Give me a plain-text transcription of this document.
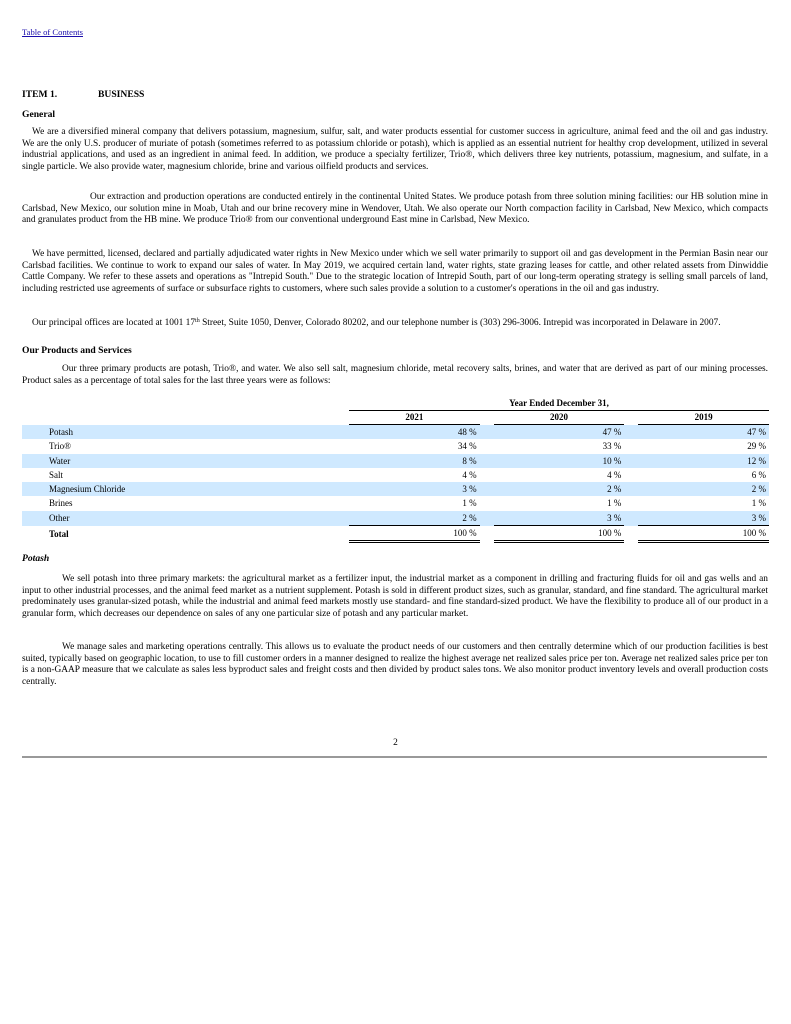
Table of Contents
ITEM 1.	BUSINESS
General

We are a diversified mineral company that delivers potassium, magnesium, sulfur, salt, and water products essential for customer success in agriculture, animal feed and the oil and gas industry. We are the only U.S. producer of muriate of potash (sometimes referred to as potassium chloride or potash), which is applied as an essential nutrient for healthy crop development, utilized in several industrial applications, and used as an ingredient in animal feed. In addition, we produce a specialty fertilizer, Trio®, which delivers three key nutrients, potassium, magnesium, and sulfate, in a single particle. We also provide water, magnesium chloride, brine and various oilfield products and services.

Our extraction and production operations are conducted entirely in the continental United States. We produce potash from three solution mining facilities: our HB solution mine in Carlsbad, New Mexico, our solution mine in Moab, Utah and our brine recovery mine in Wendover, Utah. We also operate our North compaction facility in Carlsbad, New Mexico, which compacts and granulates product from the HB mine. We produce Trio® from our conventional underground East mine in Carlsbad, New Mexico.

We have permitted, licensed, declared and partially adjudicated water rights in New Mexico under which we sell water primarily to support oil and gas development in the Permian Basin near our Carlsbad facilities. We continue to work to expand our sales of water. In May 2019, we acquired certain land, water rights, state grazing leases for cattle, and other related assets from Dinwiddie Cattle Company. We refer to these assets and operations as "Intrepid South." Due to the strategic location of Intrepid South, part of our long-term operating strategy is selling small parcels of land, including restricted use agreements of surface or subsurface rights to customers, where such sales provide a solution to a customer's operations in the oil and gas industry.

Our principal offices are located at 1001 17th Street, Suite 1050, Denver, Colorado 80202, and our telephone number is (303) 296-3006. Intrepid was incorporated in Delaware in 2007.

Our Products and Services

Our three primary products are potash, Trio®, and water. We also sell salt, magnesium chloride, metal recovery salts, brines, and water that are derived as part of our mining processes. Product sales as a percentage of total sales for the last three years were as follows:

	Year Ended December 31,				
	2021		2020		2019
Potash	48 %		47 %		47 %
Trio®	34 %		33 %		29 %
Water	8 %		10 %		12 %
Salt	4 %		4 %		6 %
Magnesium Chloride	3 %		2 %		2 %
Brines	1 %		1 %		1 %
Other	2 %		3 %		3 %
Total	100 %		100 %		100 %
Potash

We sell potash into three primary markets: the agricultural market as a fertilizer input, the industrial market as a component in drilling and fracturing fluids for oil and gas wells and an input to other industrial processes, and the animal feed market as a nutrient supplement. Potash is sold in different product sizes, such as granular, standard, and fine standard. The agricultural market predominately uses granular-sized potash, while the industrial and animal feed markets mostly use standard- and fine standard-sized product. We have the flexibility to produce all of our product in a granular form, which decreases our dependence on sales of any one particular size of potash and any particular market.

We manage sales and marketing operations centrally. This allows us to evaluate the product needs of our customers and then centrally determine which of our production facilities is best suited, typically based on geographic location, to use to fill customer orders in a manner designed to realize the highest average net realized sales price per ton. Average net realized sales price per ton is a non-GAAP measure that we calculate as sales less byproduct sales and freight costs and then divided by product sales tons. We also monitor product inventory levels and overall production costs centrally.

2
